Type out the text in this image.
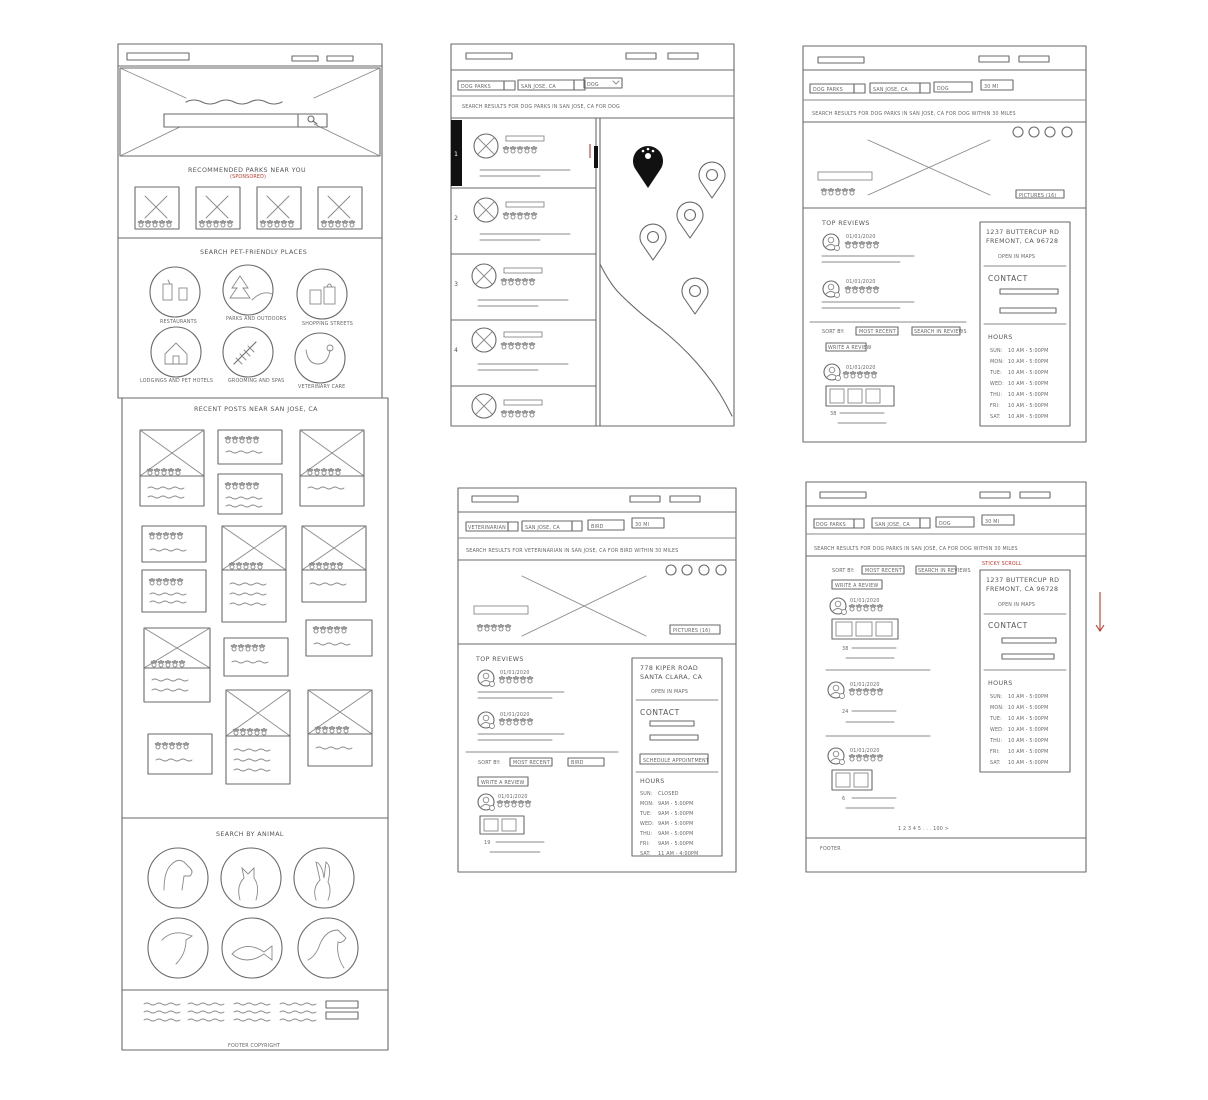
RECOMMENDED PARKS NEAR YOU
(SPONSORED)
SEARCH PET-FRIENDLY PLACES
RESTAURANTS
PARKS AND OUTDOORS
SHOPPING STREETS
LODGINGS AND PET HOTELS	GROOMING AND SPAS
VETERINARY CARE
RECENT POSTS NEAR SAN JOSE, CA
SEARCH BY ANIMAL
FOOTER COPYRIGHT
DOG PARKS	SAN JOSE, CA	DOG
SEARCH RESULTS FOR DOG PARKS IN SAN JOSE, CA FOR DOG
1
2
3
4
DOG PARKS	SAN JOSE, CA	DOG	30 MI
SEARCH RESULTS FOR DOG PARKS IN SAN JOSE, CA FOR DOG WITHIN 30 MILES
PICTURES (16)
TOP REVIEWS
01/01/2020
01/01/2020
SORT BY:	MOST RECENT	SEARCH IN REVIEWS
WRITE A REVIEW
01/01/2020
38
1237 BUTTERCUP RD
FREMONT, CA 96728
OPEN IN MAPS
CONTACT
HOURS
SUN: 10 AM - 5:00PM
MON: 10 AM - 5:00PM
TUE: 10 AM - 5:00PM
WED: 10 AM - 5:00PM
THU: 10 AM - 5:00PM
FRI: 10 AM - 5:00PM
SAT: 10 AM - 5:00PM
VETERINARIAN	SAN JOSE, CA	BIRD	30 MI
SEARCH RESULTS FOR VETERINARIAN IN SAN JOSE, CA FOR BIRD WITHIN 30 MILES
PICTURES (16)
TOP REVIEWS
01/01/2020
01/01/2020
SORT BY:	MOST RECENT	BIRD
WRITE A REVIEW
01/01/2020
19
778 KIPER ROAD
SANTA CLARA, CA
OPEN IN MAPS
CONTACT
SCHEDULE APPOINTMENT
HOURS
SUN: CLOSED
MON: 9AM - 5:00PM
TUE: 9AM - 5:00PM
WED: 9AM - 5:00PM
THU: 9AM - 5:00PM
FRI: 9AM - 5:00PM
SAT: 11 AM - 4:00PM
DOG PARKS	SAN JOSE, CA	DOG	30 MI
SEARCH RESULTS FOR DOG PARKS IN SAN JOSE, CA FOR DOG WITHIN 30 MILES
STICKY SCROLL
SORT BY: MOST RECENT	SEARCH IN REVIEWS
WRITE A REVIEW
01/01/2020
38
01/01/2020
24
01/01/2020
6
1237 BUTTERCUP RD
FREMONT, CA 96728
OPEN IN MAPS
CONTACT
HOURS
SUN: 10 AM - 5:00PM
MON: 10 AM - 5:00PM
TUE: 10 AM - 5:00PM
WED: 10 AM - 5:00PM
THU: 10 AM - 5:00PM
FRI: 10 AM - 5:00PM
SAT: 10 AM - 5:00PM
1 2 3 4 5 . . . 100 >
FOOTER
